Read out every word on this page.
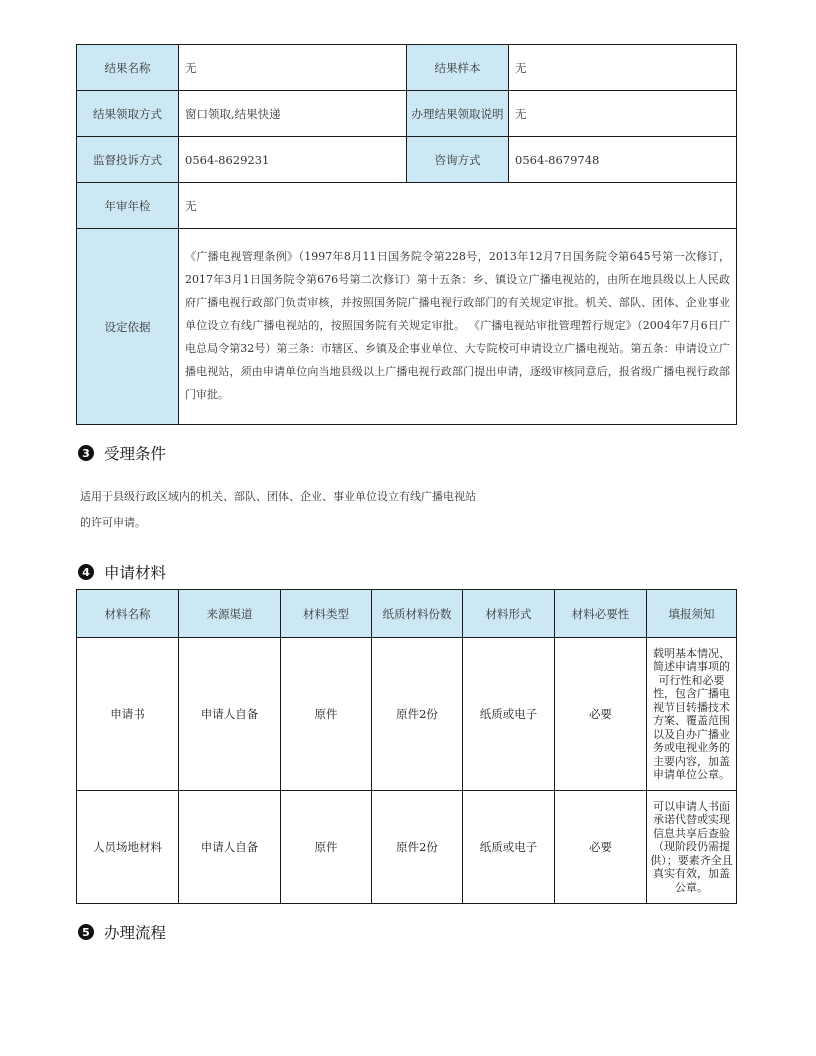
结果名称	无	结果样本	无
结果领取方式	窗口领取,结果快递	办理结果领取说明	无
监督投诉方式	0564-8629231	咨询方式	0564-8679748
年审年检	无		
设定依据	《广播电视管理条例》（1997年8月11日国务院令第228号，2013年12月7日国务院令第645号第一次修订，2017年3月1日国务院令第676号第二次修订）第十五条：乡、镇设立广播电视站的，由所在地县级以上人民政府广播电视行政部门负责审核，并按照国务院广播电视行政部门的有关规定审批。机关、部队、团体、企业事业单位设立有线广播电视站的，按照国务院有关规定审批。 《广播电视站审批管理暂行规定》（2004年7月6日广电总局令第32号）第三条：市辖区、乡镇及企事业单位、大专院校可申请设立广播电视站。第五条：申请设立广播电视站，须由申请单位向当地县级以上广播电视行政部门提出申请，逐级审核同意后，报省级广播电视行政部门审批。		
3 受理条件

适用于县级行政区域内的机关、部队、团体、企业、事业单位设立有线广播电视站的许可申请。

4 申请材料
材料名称	来源渠道	材料类型	纸质材料份数	材料形式	材料必要性	填报须知
申请书	申请人自备	原件	原件2份	纸质或电子	必要	载明基本情况、简述申请事项的可行性和必要性，包含广播电视节目转播技术方案、覆盖范围以及自办广播业务或电视业务的主要内容，加盖申请单位公章。
人员场地材料	申请人自备	原件	原件2份	纸质或电子	必要	可以申请人书面承诺代替或实现信息共享后查验（现阶段仍需提供）；要素齐全且真实有效，加盖公章。
5 办理流程
